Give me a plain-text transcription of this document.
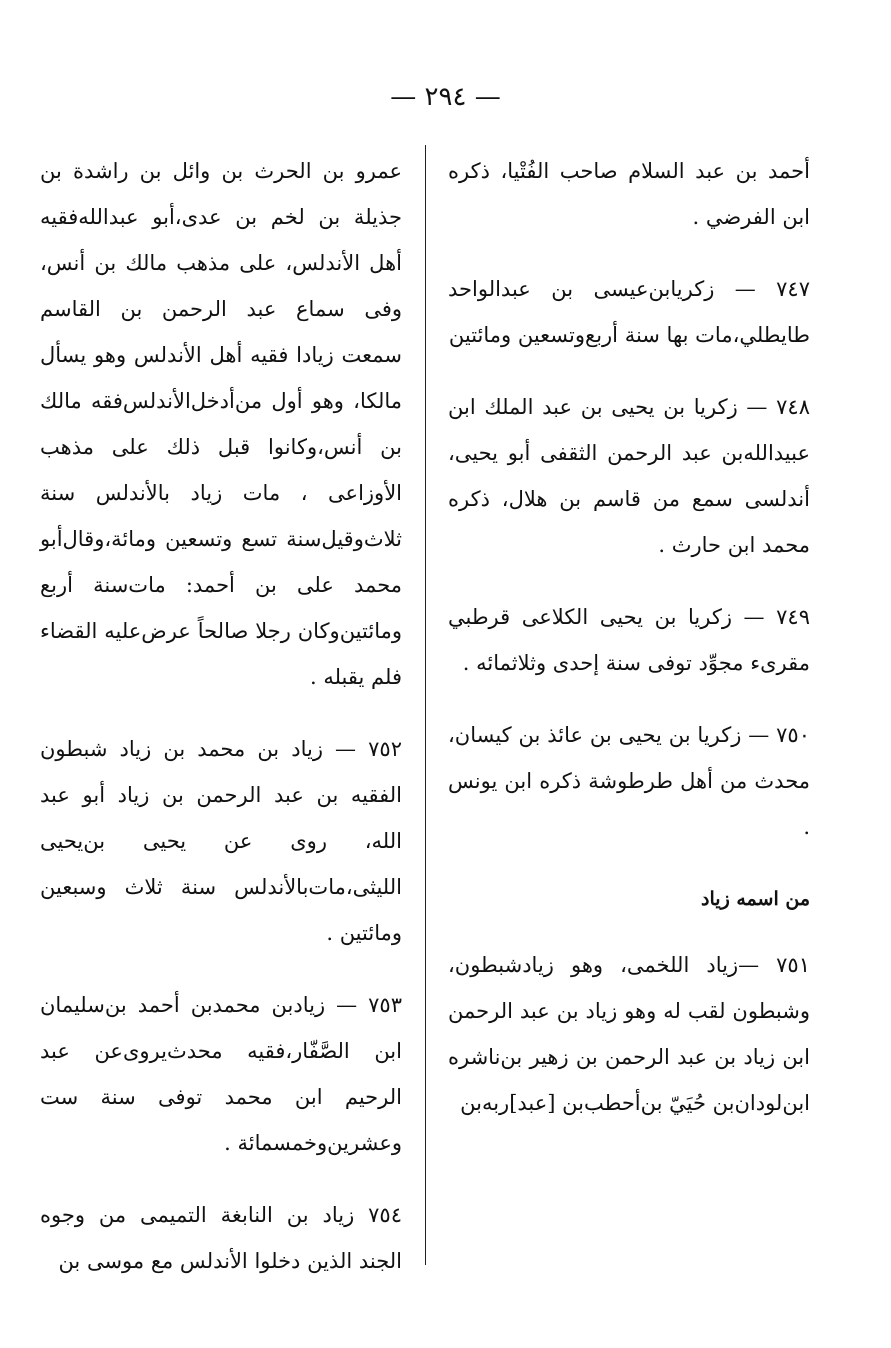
— ٢٩٤ —

أحمد بن عبد السلام صاحب الفُتْيا، ذكره ابن الفرضي .

٧٤٧ — زكريابن‌عيسى بن عبدالواحد طايطلي،مات بها سنة أربع‌وتسعين ومائتين

٧٤٨ — زكريا بن يحيى بن عبد الملك ابن عبيدالله‌بن عبد الرحمن الثقفى أبو يحيى، أندلسى سمع من قاسم بن هلال، ذكره محمد ابن حارث .

٧٤٩ — زكريا بن يحيى الكلاعى قرطبي مقرىء مجوِّد توفى سنة إحدى وثلاثمائه .

٧٥٠ — زكريا بن يحيى بن عائذ بن كيسان، محدث من أهل طرطوشة ذكره ابن يونس .

من اسمه زياد

٧٥١ —زياد اللخمى، وهو زيادشبطون، وشبطون لقب له وهو زياد بن عبد الرحمن ابن زياد بن عبد الرحمن بن زهير بن‌ناشره ابن‌لودان‌بن حُيَيّ بن‌أحطب‌بن [عبد]ربه‌بن

عمرو بن الحرث بن وائل بن راشدة بن جذيلة بن لخم بن عدى،أبو عبدالله‌فقيه أهل الأندلس، على مذهب مالك بن أنس، وفى سماع عبد الرحمن بن القاسم سمعت زيادا فقيه أهل الأندلس وهو يسأل مالكا، وهو أول من‌أدخل‌الأندلس‌فقه مالك بن أنس،وكانوا قبل ذلك على مذهب الأوزاعى ، مات زياد بالأندلس سنة ثلاث‌وقيل‌سنة تسع وتسعين ومائة،وقال‌أبو محمد على بن أحمد: مات‌سنة أربع ومائتين‌وكان رجلا صالحاً عرض‌عليه القضاء فلم يقبله .

٧٥٢ — زياد بن محمد بن زياد شبطون الفقيه بن عبد الرحمن بن زياد أبو عبد الله، روى عن يحيى بن‌يحيى الليثى،مات‌بالأندلس سنة ثلاث وسبعين ومائتين .

٧٥٣ — زيادبن محمدبن أحمد بن‌سليمان ابن الصَّفّار،فقيه محدث‌يروى‌عن عبد الرحيم ابن محمد توفى سنة ست وعشرين‌وخمسمائة .

٧٥٤ زياد بن النابغة التميمى من وجوه الجند الذين دخلوا الأندلس مع موسى بن
